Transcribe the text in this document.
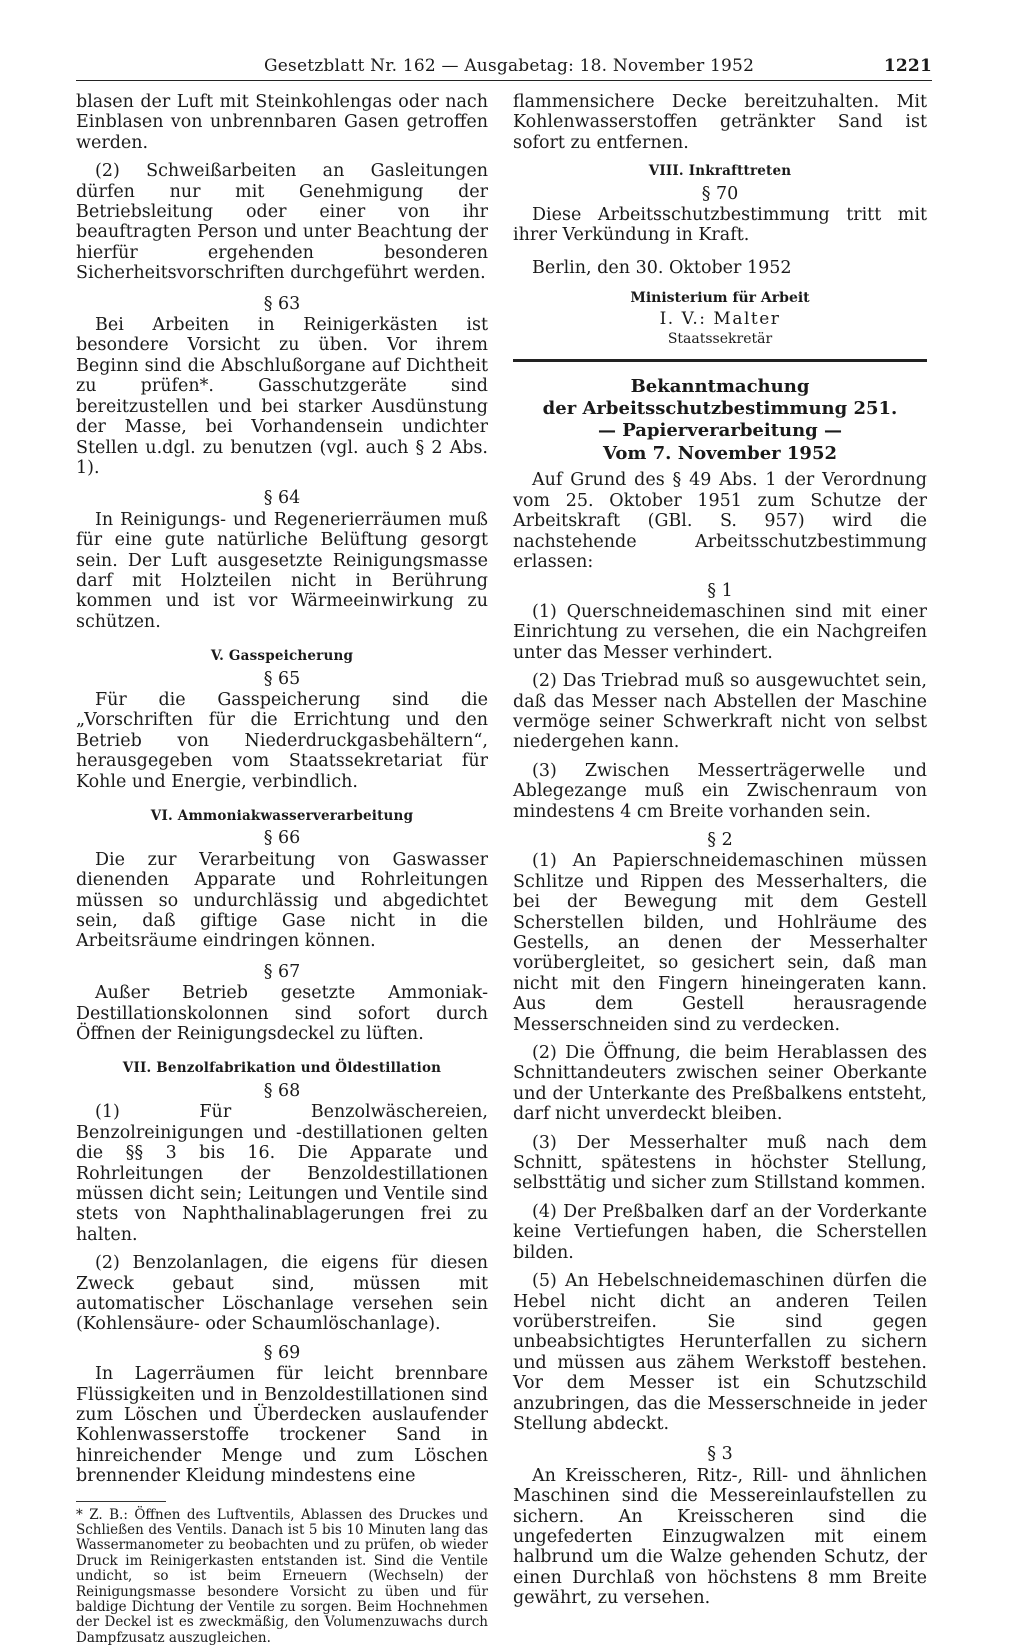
Gesetzblatt Nr. 162 — Ausgabetag: 18. November 1952	1221

blasen der Luft mit Steinkohlengas oder nach Einblasen von unbrennbaren Gasen getroffen werden.

(2) Schweißarbeiten an Gasleitungen dürfen nur mit Genehmigung der Betriebsleitung oder einer von ihr beauftragten Person und unter Beachtung der hierfür ergehenden besonderen Sicherheitsvorschriften durchgeführt werden.

§ 63

Bei Arbeiten in Reinigerkästen ist besondere Vorsicht zu üben. Vor ihrem Beginn sind die Abschlußorgane auf Dichtheit zu prüfen*. Gasschutzgeräte sind bereitzustellen und bei starker Ausdünstung der Masse, bei Vorhandensein undichter Stellen u.dgl. zu benutzen (vgl. auch § 2 Abs. 1).

§ 64

In Reinigungs- und Regenerierräumen muß für eine gute natürliche Belüftung gesorgt sein. Der Luft ausgesetzte Reinigungsmasse darf mit Holzteilen nicht in Berührung kommen und ist vor Wärmeeinwirkung zu schützen.

V. Gasspeicherung
§ 65

Für die Gasspeicherung sind die „Vorschriften für die Errichtung und den Betrieb von Niederdruckgasbehältern“, herausgegeben vom Staatssekretariat für Kohle und Energie, verbindlich.

VI. Ammoniakwasserverarbeitung
§ 66

Die zur Verarbeitung von Gaswasser dienenden Apparate und Rohrleitungen müssen so undurchlässig und abgedichtet sein, daß giftige Gase nicht in die Arbeitsräume eindringen können.

§ 67

Außer Betrieb gesetzte Ammoniak-Destillationskolonnen sind sofort durch Öffnen der Reinigungsdeckel zu lüften.

VII. Benzolfabrikation und Öldestillation
§ 68

(1) Für Benzolwäschereien, Benzolreinigungen und -destillationen gelten die §§ 3 bis 16. Die Apparate und Rohrleitungen der Benzoldestillationen müssen dicht sein; Leitungen und Ventile sind stets von Naphthalinablagerungen frei zu halten.

(2) Benzolanlagen, die eigens für diesen Zweck gebaut sind, müssen mit automatischer Löschanlage versehen sein (Kohlensäure- oder Schaumlöschanlage).

§ 69

In Lagerräumen für leicht brennbare Flüssigkeiten und in Benzoldestillationen sind zum Löschen und Überdecken auslaufender Kohlenwasserstoffe trockener Sand in hinreichender Menge und zum Löschen brennender Kleidung mindestens eine

* Z. B.: Öffnen des Luftventils, Ablassen des Druckes und Schließen des Ventils. Danach ist 5 bis 10 Minuten lang das Wassermanometer zu beobachten und zu prüfen, ob wieder Druck im Reinigerkasten entstanden ist. Sind die Ventile undicht, so ist beim Erneuern (Wechseln) der Reinigungsmasse besondere Vorsicht zu üben und für baldige Dichtung der Ventile zu sorgen. Beim Hochnehmen der Deckel ist es zweckmäßig, den Volumenzuwachs durch Dampfzusatz auszugleichen.

flammensichere Decke bereitzuhalten. Mit Kohlenwasserstoffen getränkter Sand ist sofort zu entfernen.

VIII. Inkrafttreten
§ 70

Diese Arbeitsschutzbestimmung tritt mit ihrer Verkündung in Kraft.

Berlin, den 30. Oktober 1952
Ministerium für Arbeit
I. V.: Malter
Staatssekretär
Bekanntmachung
der Arbeitsschutzbestimmung 251.
— Papierverarbeitung —
Vom 7. November 1952

Auf Grund des § 49 Abs. 1 der Verordnung vom 25. Oktober 1951 zum Schutze der Arbeitskraft (GBl. S. 957) wird die nachstehende Arbeitsschutzbestimmung erlassen:

§ 1

(1) Querschneidemaschinen sind mit einer Einrichtung zu versehen, die ein Nachgreifen unter das Messer verhindert.

(2) Das Triebrad muß so ausgewuchtet sein, daß das Messer nach Abstellen der Maschine vermöge seiner Schwerkraft nicht von selbst niedergehen kann.

(3) Zwischen Messerträgerwelle und Ablegezange muß ein Zwischenraum von mindestens 4 cm Breite vorhanden sein.

§ 2

(1) An Papierschneidemaschinen müssen Schlitze und Rippen des Messerhalters, die bei der Bewegung mit dem Gestell Scherstellen bilden, und Hohlräume des Gestells, an denen der Messerhalter vorübergleitet, so gesichert sein, daß man nicht mit den Fingern hineingeraten kann. Aus dem Gestell herausragende Messerschneiden sind zu verdecken.

(2) Die Öffnung, die beim Herablassen des Schnittandeuters zwischen seiner Oberkante und der Unterkante des Preßbalkens entsteht, darf nicht unverdeckt bleiben.

(3) Der Messerhalter muß nach dem Schnitt, spätestens in höchster Stellung, selbsttätig und sicher zum Stillstand kommen.

(4) Der Preßbalken darf an der Vorderkante keine Vertiefungen haben, die Scherstellen bilden.

(5) An Hebelschneidemaschinen dürfen die Hebel nicht dicht an anderen Teilen vorüberstreifen. Sie sind gegen unbeabsichtigtes Herunterfallen zu sichern und müssen aus zähem Werkstoff bestehen. Vor dem Messer ist ein Schutzschild anzubringen, das die Messerschneide in jeder Stellung abdeckt.

§ 3

An Kreisscheren, Ritz-, Rill- und ähnlichen Maschinen sind die Messereinlaufstellen zu sichern. An Kreisscheren sind die ungefederten Einzugwalzen mit einem halbrund um die Walze gehenden Schutz, der einen Durchlaß von höchstens 8 mm Breite gewährt, zu versehen.
